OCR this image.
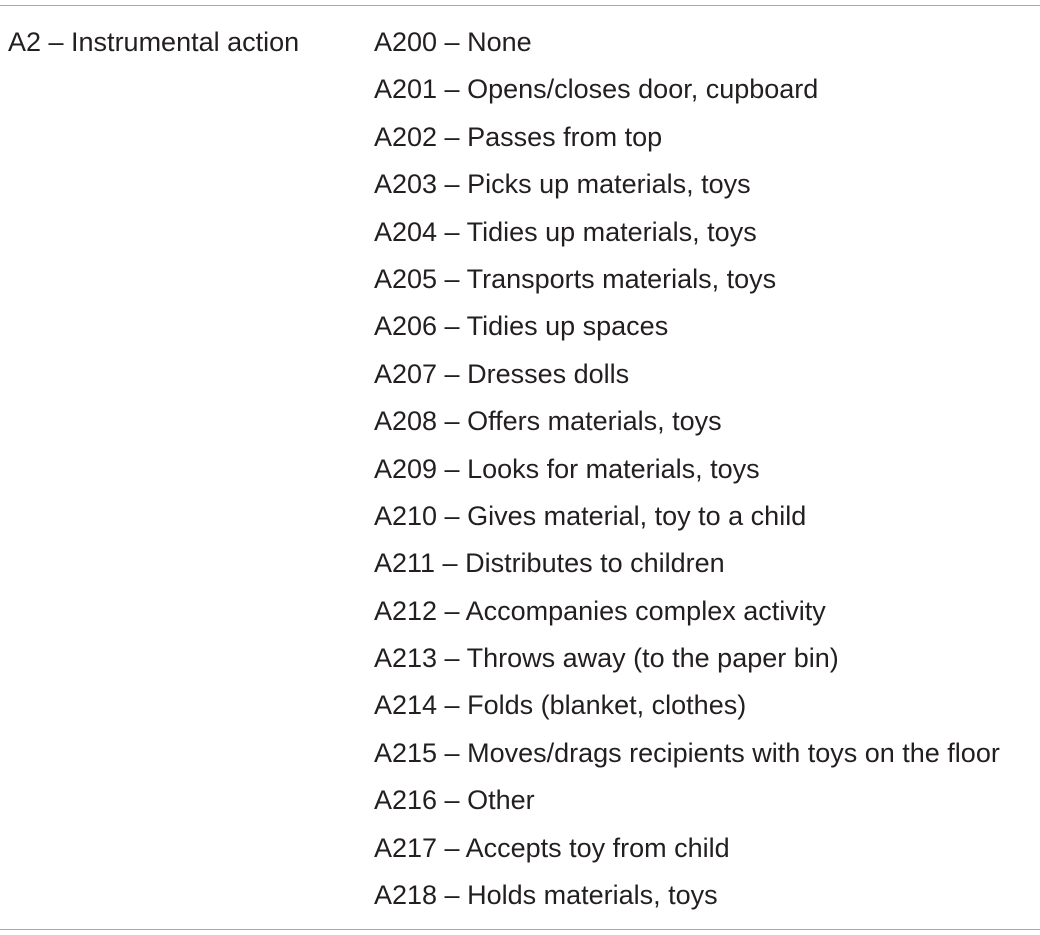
A2 – Instrumental action	A200 – None
A201 – Opens/closes door, cupboard
A202 – Passes from top
A203 – Picks up materials, toys
A204 – Tidies up materials, toys
A205 – Transports materials, toys
A206 – Tidies up spaces
A207 – Dresses dolls
A208 – Offers materials, toys
A209 – Looks for materials, toys
A210 – Gives material, toy to a child
A211 – Distributes to children
A212 – Accompanies complex activity
A213 – Throws away (to the paper bin)
A214 – Folds (blanket, clothes)
A215 – Moves/drags recipients with toys on the floor
A216 – Other
A217 – Accepts toy from child
A218 – Holds materials, toys
